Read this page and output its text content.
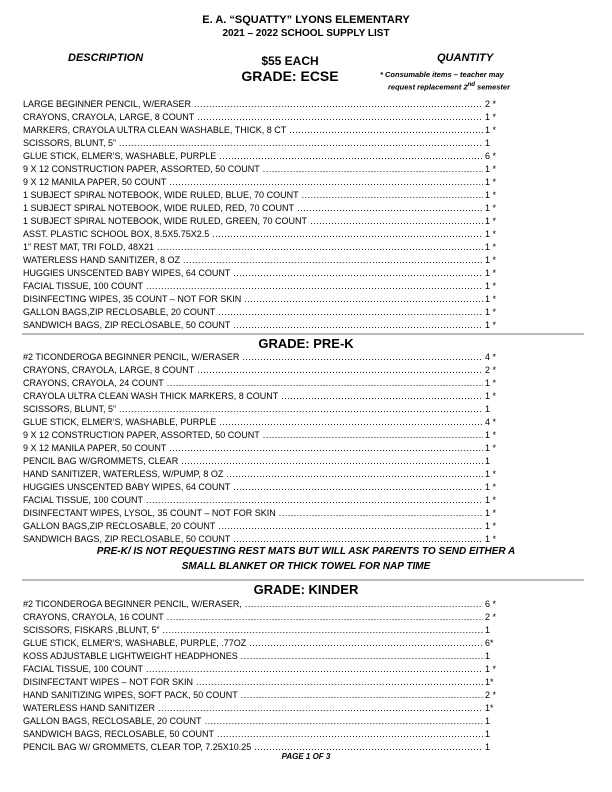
E. A. “SQUATTY” LYONS ELEMENTARY
2021 – 2022 SCHOOL SUPPLY LIST
DESCRIPTION	$55 EACH	QUANTITY
GRADE: ECSE	* Consumable items – teacher may
request replacement 2nd semester
LARGE BEGINNER PENCIL, W/ERASER .....	2 *
CRAYONS, CRAYOLA, LARGE, 8 COUNT .....	1 *
MARKERS, CRAYOLA ULTRA CLEAN WASHABLE, THICK, 8 CT .....	1 *
SCISSORS, BLUNT, 5” .....	1
GLUE STICK, ELMER’S, WASHABLE, PURPLE .....	6 *
9 X 12 CONSTRUCTION PAPER, ASSORTED, 50 COUNT .....	1 *
9 X 12 MANILA PAPER, 50 COUNT .....	1 *
1 SUBJECT SPIRAL NOTEBOOK, WIDE RULED, BLUE, 70 COUNT .....	1 *
1 SUBJECT SPIRAL NOTEBOOK, WIDE RULED, RED, 70 COUNT .....	1 *
1 SUBJECT SPIRAL NOTEBOOK, WIDE RULED, GREEN, 70 COUNT .....	1 *
ASST. PLASTIC SCHOOL BOX, 8.5X5.75X2.5 .....	1 *
1” REST MAT, TRI FOLD, 48X21 .....	1 *
WATERLESS HAND SANITIZER, 8 OZ .....	1 *
HUGGIES UNSCENTED BABY WIPES, 64 COUNT .....	1 *
FACIAL TISSUE, 100 COUNT .....	1 *
DISINFECTING WIPES, 35 COUNT – NOT FOR SKIN .....	1 *
GALLON BAGS,ZIP RECLOSABLE, 20 COUNT .....	1 *
SANDWICH BAGS, ZIP RECLOSABLE, 50 COUNT .....	1 *
GRADE: PRE-K
#2 TICONDEROGA BEGINNER PENCIL, W/ERASER .....	4 *
CRAYONS, CRAYOLA, LARGE, 8 COUNT .....	2 *
CRAYONS, CRAYOLA, 24 COUNT .....	1 *
CRAYOLA ULTRA CLEAN WASH THICK MARKERS, 8 COUNT .....	1 *
SCISSORS, BLUNT, 5” .....	1
GLUE STICK, ELMER’S, WASHABLE, PURPLE .....	4 *
9 X 12 CONSTRUCTION PAPER, ASSORTED, 50 COUNT .....	1 *
9 X 12 MANILA PAPER, 50 COUNT .....	1 *
PENCIL BAG W/GROMMETS, CLEAR .....	1
HAND SANITIZER, WATERLESS, W/PUMP, 8 OZ .....	1 *
HUGGIES UNSCENTED BABY WIPES, 64 COUNT .....	1 *
FACIAL TISSUE, 100 COUNT .....	1 *
DISINFECTANT WIPES, LYSOL, 35 COUNT – NOT FOR SKIN .....	1 *
GALLON BAGS,ZIP RECLOSABLE, 20 COUNT .....	1 *
SANDWICH BAGS, ZIP RECLOSABLE, 50 COUNT .....	1 *
PRE-K/ IS NOT REQUESTING REST MATS BUT WILL ASK PARENTS TO SEND EITHER A
SMALL BLANKET OR THICK TOWEL FOR NAP TIME
GRADE: KINDER
#2 TICONDEROGA BEGINNER PENCIL, W/ERASER, .....	6 *
CRAYONS, CRAYOLA, 16 COUNT .....	2 *
SCISSORS, FISKARS ,BLUNT, 5” .....	1
GLUE STICK, ELMER’S, WASHABLE, PURPLE, .77OZ .....	6*
KOSS ADJUSTABLE LIGHTWEIGHT HEADPHONES .....	1
FACIAL TISSUE, 100 COUNT .....	1 *
DISINFECTANT WIPES – NOT FOR SKIN .....	1*
HAND SANITIZING WIPES, SOFT PACK, 50 COUNT .....	2 *
WATERLESS HAND SANITIZER .....	1*
GALLON BAGS, RECLOSABLE, 20 COUNT .....	1
SANDWICH BAGS, RECLOSABLE, 50 COUNT .....	1
PENCIL BAG W/ GROMMETS, CLEAR TOP, 7.25X10.25 .....	1
PAGE 1 OF 3
